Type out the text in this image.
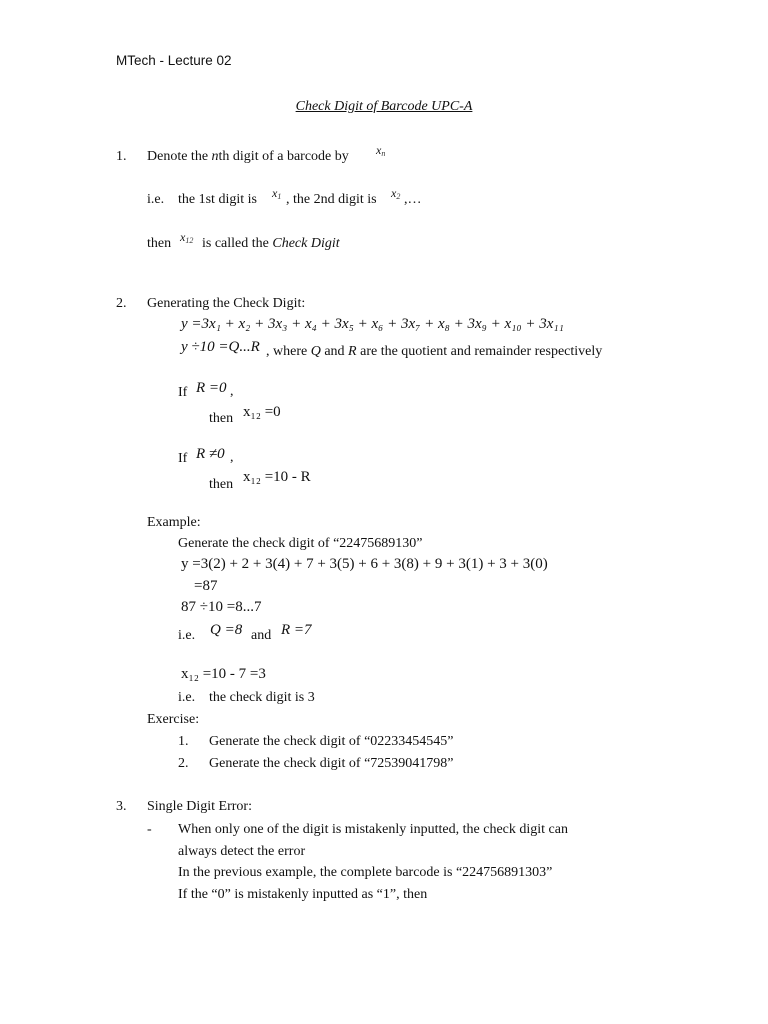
MTech - Lecture 02
Check Digit of Barcode UPC-A
1. Denote the nth digit of a barcode by xn
i.e. the 1st digit is x1 , the 2nd digit is x2 ,…
then x12 is called the Check Digit
2. Generating the Check Digit:
y =3x₁ + x₂ + 3x₃ + x₄ + 3x₅ + x₆ + 3x₇ + x₈ + 3x₉ + x₁₀ + 3x₁₁
y ÷10 =Q...R , where Q and R are the quotient and remainder respectively
If R =0 ,
then x₁₂ =0
If R ≠0 ,
then x₁₂ =10 - R
Example:
Generate the check digit of “22475689130”
y =3(2) + 2 + 3(4) + 7 + 3(5) + 6 + 3(8) + 9 + 3(1) + 3 + 3(0)
=87
87 ÷10 =8...7
i.e. Q =8 and R =7
x₁₂ =10 - 7 =3
i.e. the check digit is 3
Exercise:
1. Generate the check digit of “02233454545”
2. Generate the check digit of “72539041798”
3. Single Digit Error:
- When only one of the digit is mistakenly inputted, the check digit can
always detect the error
In the previous example, the complete barcode is “224756891303”
If the “0” is mistakenly inputted as “1”, then
